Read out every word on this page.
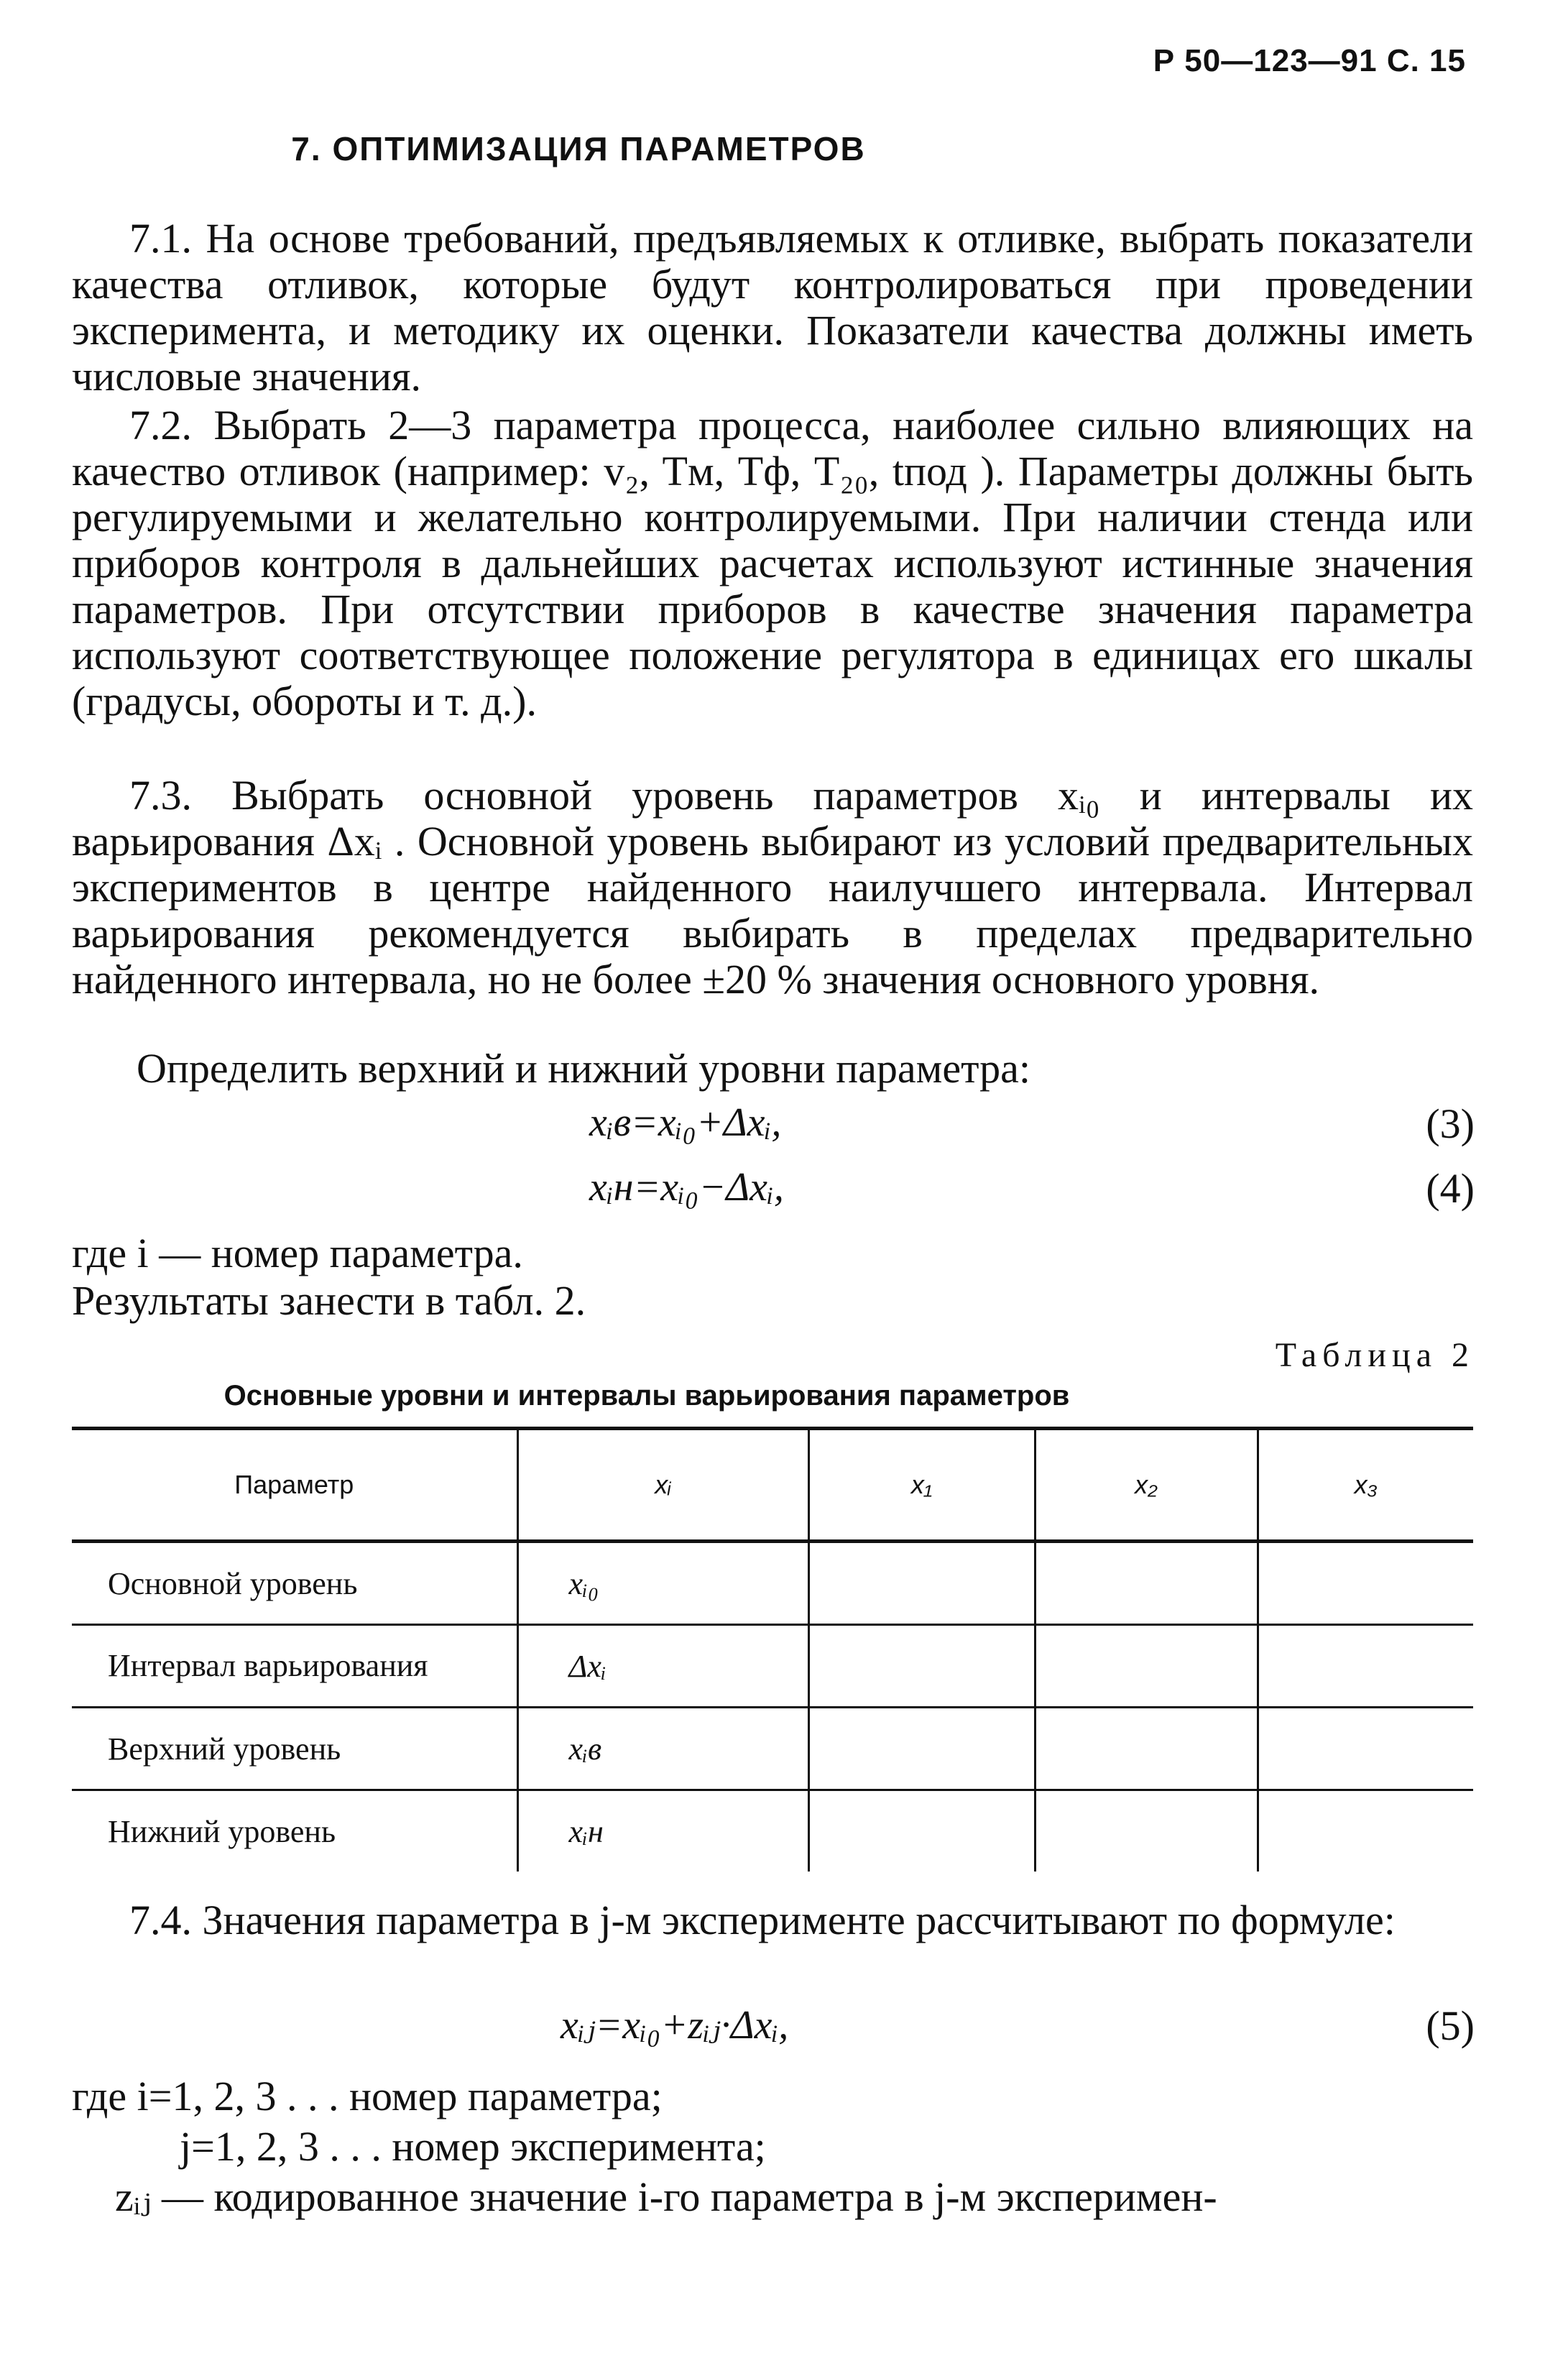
Р 50—123—91 С. 15
7. ОПТИМИЗАЦИЯ ПАРАМЕТРОВ
7.1. На основе требований, предъявляемых к отливке, выбрать показатели качества отливок, которые будут контролироваться при проведении эксперимента, и методику их оценки. Показатели качества должны иметь числовые значения.
7.2. Выбрать 2—3 параметра процесса, наиболее сильно влияющих на качество отливок (например: v₂, Tм, Tф, T₂₀, tпод ). Параметры должны быть регулируемыми и желательно контролируемыми. При наличии стенда или приборов контроля в дальнейших расчетах используют истинные значения параметров. При отсутствии приборов в качестве значения параметра используют соответствующее положение регулятора в единицах его шкалы (градусы, обороты и т. д.).
7.3. Выбрать основной уровень параметров xᵢ₀ и интервалы их варьирования Δxᵢ . Основной уровень выбирают из условий предварительных экспериментов в центре найденного наилучшего интервала. Интервал варьирования рекомендуется выбирать в пределах предварительно найденного интервала, но не более ±20 % значения основного уровня.
Определить верхний и нижний уровни параметра:
xᵢв=xᵢ₀+Δxᵢ,	(3)
xᵢн=xᵢ₀−Δxᵢ,	(4)
где i — номер параметра.
Результаты занести в табл. 2.
Таблица 2
Основные уровни и интервалы варьирования параметров
Параметр	xᵢ	x₁	x₂	x₃
Основной уровень	xᵢ₀			
Интервал варьирования	Δxᵢ			
Верхний уровень	xᵢв			
Нижний уровень	xᵢн			
7.4. Значения параметра в j-м эксперименте рассчитывают по формуле:
xᵢⱼ=xᵢ₀+zᵢⱼ·Δxᵢ,	(5)
где i=1, 2, 3 . . . номер параметра;
j=1, 2, 3 . . . номер эксперимента;
zᵢⱼ — кодированное значение i-го параметра в j-м эксперимен-
